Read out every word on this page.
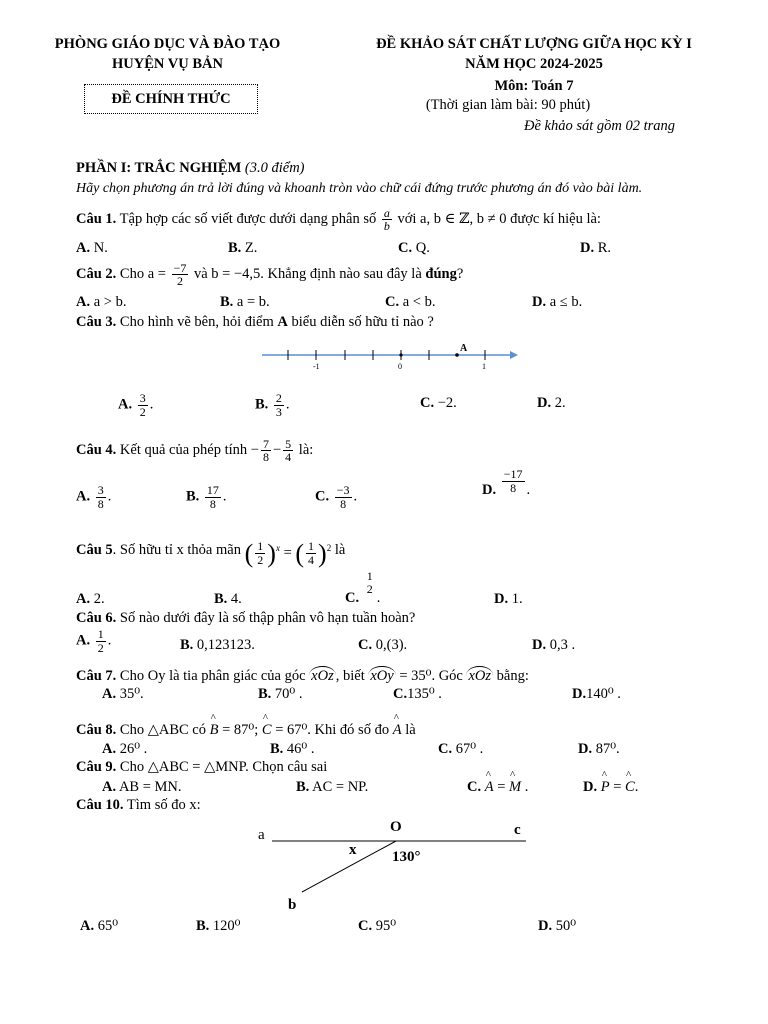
PHÒNG GIÁO DỤC VÀ ĐÀO TẠO
HUYỆN VỤ BẢN
ĐỀ CHÍNH THỨC
ĐỀ KHẢO SÁT CHẤT LƯỢNG GIỮA HỌC KỲ I
NĂM HỌC 2024-2025
Môn: Toán 7
(Thời gian làm bài: 90 phút)
Đề khảo sát gồm 02 trang
PHẦN I: TRẮC NGHIỆM (3.0 điểm)
Hãy chọn phương án trả lời đúng và khoanh tròn vào chữ cái đứng trước phương án đó vào bài làm.
Câu 1. Tập hợp các số viết được dưới dạng phân số $\frac{a}{b}$ với a, b ∈ ℤ, b ≠ 0 được kí hiệu là:
A. N.	B. Z.	C. Q.	D. R.
Câu 2. Cho $a = \frac{-7}{2}$ và b = −4,5. Khẳng định nào sau đây là đúng?
A. a > b.	B. a = b.	C. a < b.	D. a ≤ b.
Câu 3. Cho hình vẽ bên, hỏi điểm A biểu diễn số hữu tỉ nào ?
-1	0	1
A
A. $\frac{3}{2}$ .	B. $\frac{2}{3}$ .	C. −2.	D. 2.
Câu 4. Kết quả của phép tính − $\frac{7}{8} - \frac{5}{4}$ là:
A. $\frac{3}{8}$ .	B. $\frac{17}{8}$ .	C. $\frac{-3}{8}$ .	D. $\frac{-17}{8}$ .
Câu 5. Số hữu tỉ x thỏa mãn ( $\frac{1}{2} )^x$ = ( $\frac{1}{4} )^2$ là
A. 2.	B. 4.	C.
1
2
.	D. 1.
Câu 6. Số nào dưới đây là số thập phân vô hạn tuần hoàn?
A. $\frac{1}{2}$ .	B. 0,123123.	C. 0,(3).	D. 0,3 .
Câu 7. Cho Oy là tia phân giác của góc xOz , biết xOy = 35⁰. Góc xOz bằng:
A. 35⁰.	B. 70⁰ .	C.135⁰ .	D.140⁰ .
Câu 8. Cho △ABC có ^ B = 87⁰; ^ C = 67⁰. Khi đó số đo ^ A là
A. 26⁰ .	B. 46⁰ .	C. 67⁰ .	D. 87⁰.
Câu 9. Cho △ABC = △MNP. Chọn câu sai
A. AB = MN.	B. AC = NP.	C. ^ A = ^ M .	D. ^ P = ^ C.
Câu 10. Tìm số đo x:
a	O	c
x 130°
b
A. 65⁰	B. 120⁰	C. 95⁰	D. 50⁰
